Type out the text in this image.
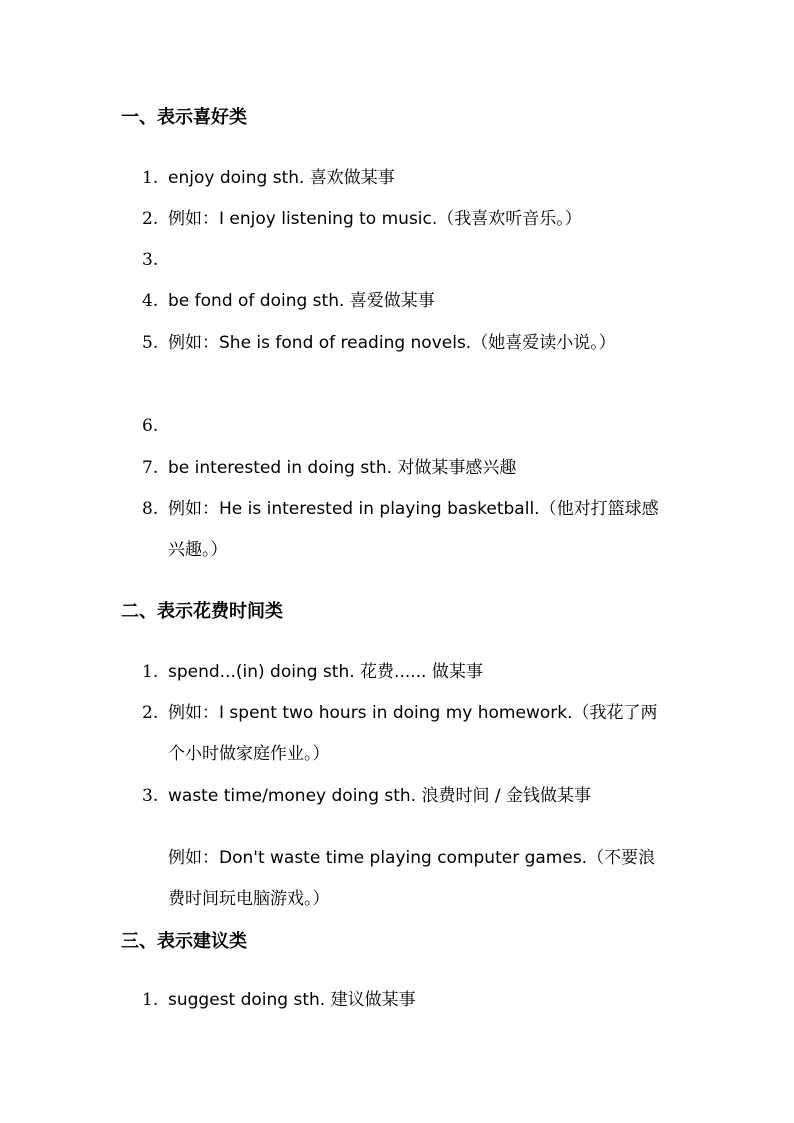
一、表示喜好类
1. enjoy doing sth. 喜欢做某事
2. 例如：I enjoy listening to music.（我喜欢听音乐。）
3.
4. be fond of doing sth. 喜爱做某事
5. 例如：She is fond of reading novels.（她喜爱读小说。）
6.
7. be interested in doing sth. 对做某事感兴趣
8. 例如：He is interested in playing basketball.（他对打篮球感兴趣。）
二、表示花费时间类
1. spend...(in) doing sth. 花费...... 做某事
2. 例如：I spent two hours in doing my homework.（我花了两个小时做家庭作业。）
3. waste time/money doing sth. 浪费时间 / 金钱做某事
例如：Don't waste time playing computer games.（不要浪费时间玩电脑游戏。）
三、表示建议类
1. suggest doing sth. 建议做某事
